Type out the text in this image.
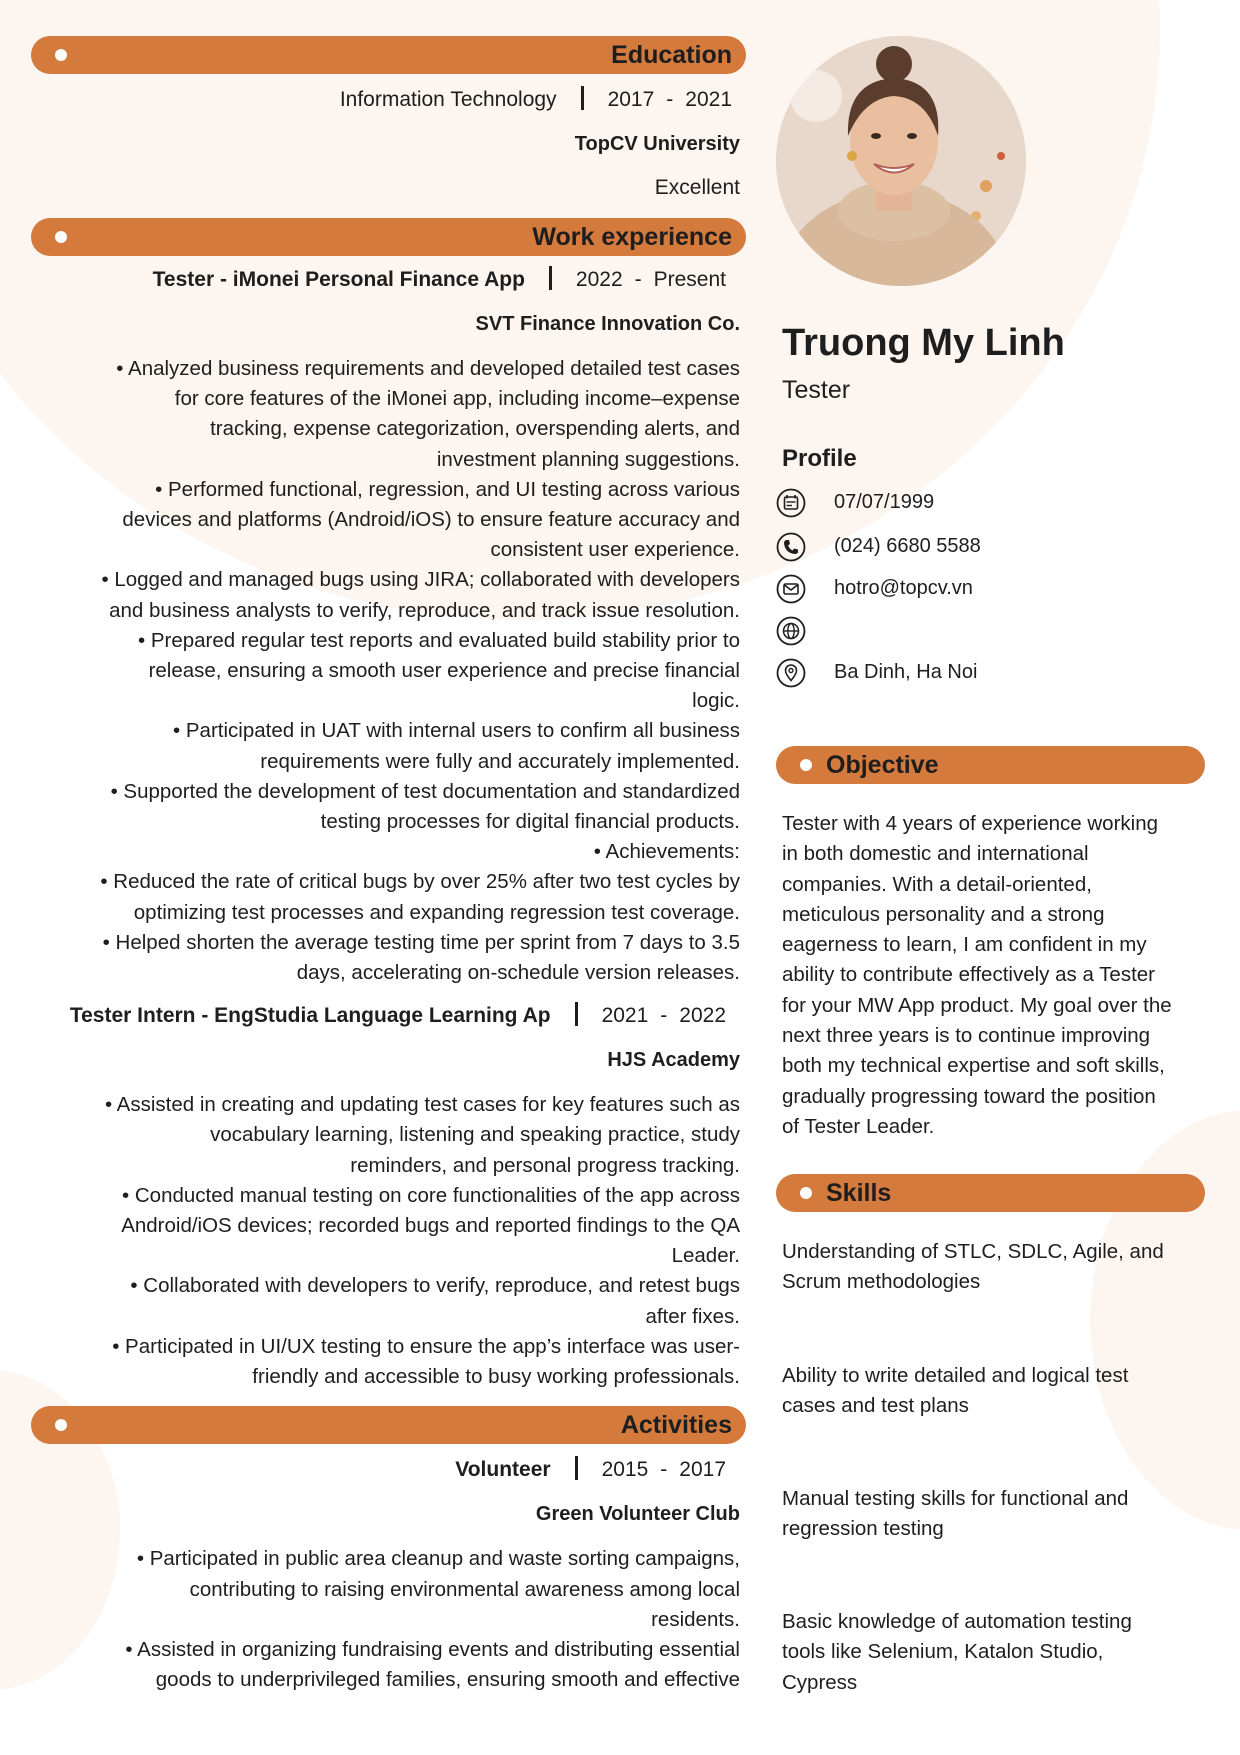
Education
Information Technology 2017 - 2021
TopCV University
Excellent
Work experience
Tester - iMonei Personal Finance App 2022 - Present
SVT Finance Innovation Co.
• Analyzed business requirements and developed detailed test cases
for core features of the iMonei app, including income–expense
tracking, expense categorization, overspending alerts, and
investment planning suggestions.
• Performed functional, regression, and UI testing across various
devices and platforms (Android/iOS) to ensure feature accuracy and
consistent user experience.
• Logged and managed bugs using JIRA; collaborated with developers
and business analysts to verify, reproduce, and track issue resolution.
• Prepared regular test reports and evaluated build stability prior to
release, ensuring a smooth user experience and precise financial
logic.
• Participated in UAT with internal users to confirm all business
requirements were fully and accurately implemented.
• Supported the development of test documentation and standardized
testing processes for digital financial products.
• Achievements:
• Reduced the rate of critical bugs by over 25% after two test cycles by
optimizing test processes and expanding regression test coverage.
• Helped shorten the average testing time per sprint from 7 days to 3.5
days, accelerating on-schedule version releases.
Tester Intern - EngStudia Language Learning Ap 2021 - 2022
HJS Academy
• Assisted in creating and updating test cases for key features such as
vocabulary learning, listening and speaking practice, study
reminders, and personal progress tracking.
• Conducted manual testing on core functionalities of the app across
Android/iOS devices; recorded bugs and reported findings to the QA
Leader.
• Collaborated with developers to verify, reproduce, and retest bugs
after fixes.
• Participated in UI/UX testing to ensure the app’s interface was user-
friendly and accessible to busy working professionals.
Activities
Volunteer 2015 - 2017
Green Volunteer Club
• Participated in public area cleanup and waste sorting campaigns,
contributing to raising environmental awareness among local
residents.
• Assisted in organizing fundraising events and distributing essential
goods to underprivileged families, ensuring smooth and effective
Truong My Linh
Tester
Profile
07/07/1999
(024) 6680 5588
hotro@topcv.vn
Ba Dinh, Ha Noi
Objective
Tester with 4 years of experience working
in both domestic and international
companies. With a detail-oriented,
meticulous personality and a strong
eagerness to learn, I am confident in my
ability to contribute effectively as a Tester
for your MW App product. My goal over the
next three years is to continue improving
both my technical expertise and soft skills,
gradually progressing toward the position
of Tester Leader.
Skills
Understanding of STLC, SDLC, Agile, and
Scrum methodologies
Ability to write detailed and logical test
cases and test plans
Manual testing skills for functional and
regression testing
Basic knowledge of automation testing
tools like Selenium, Katalon Studio,
Cypress
